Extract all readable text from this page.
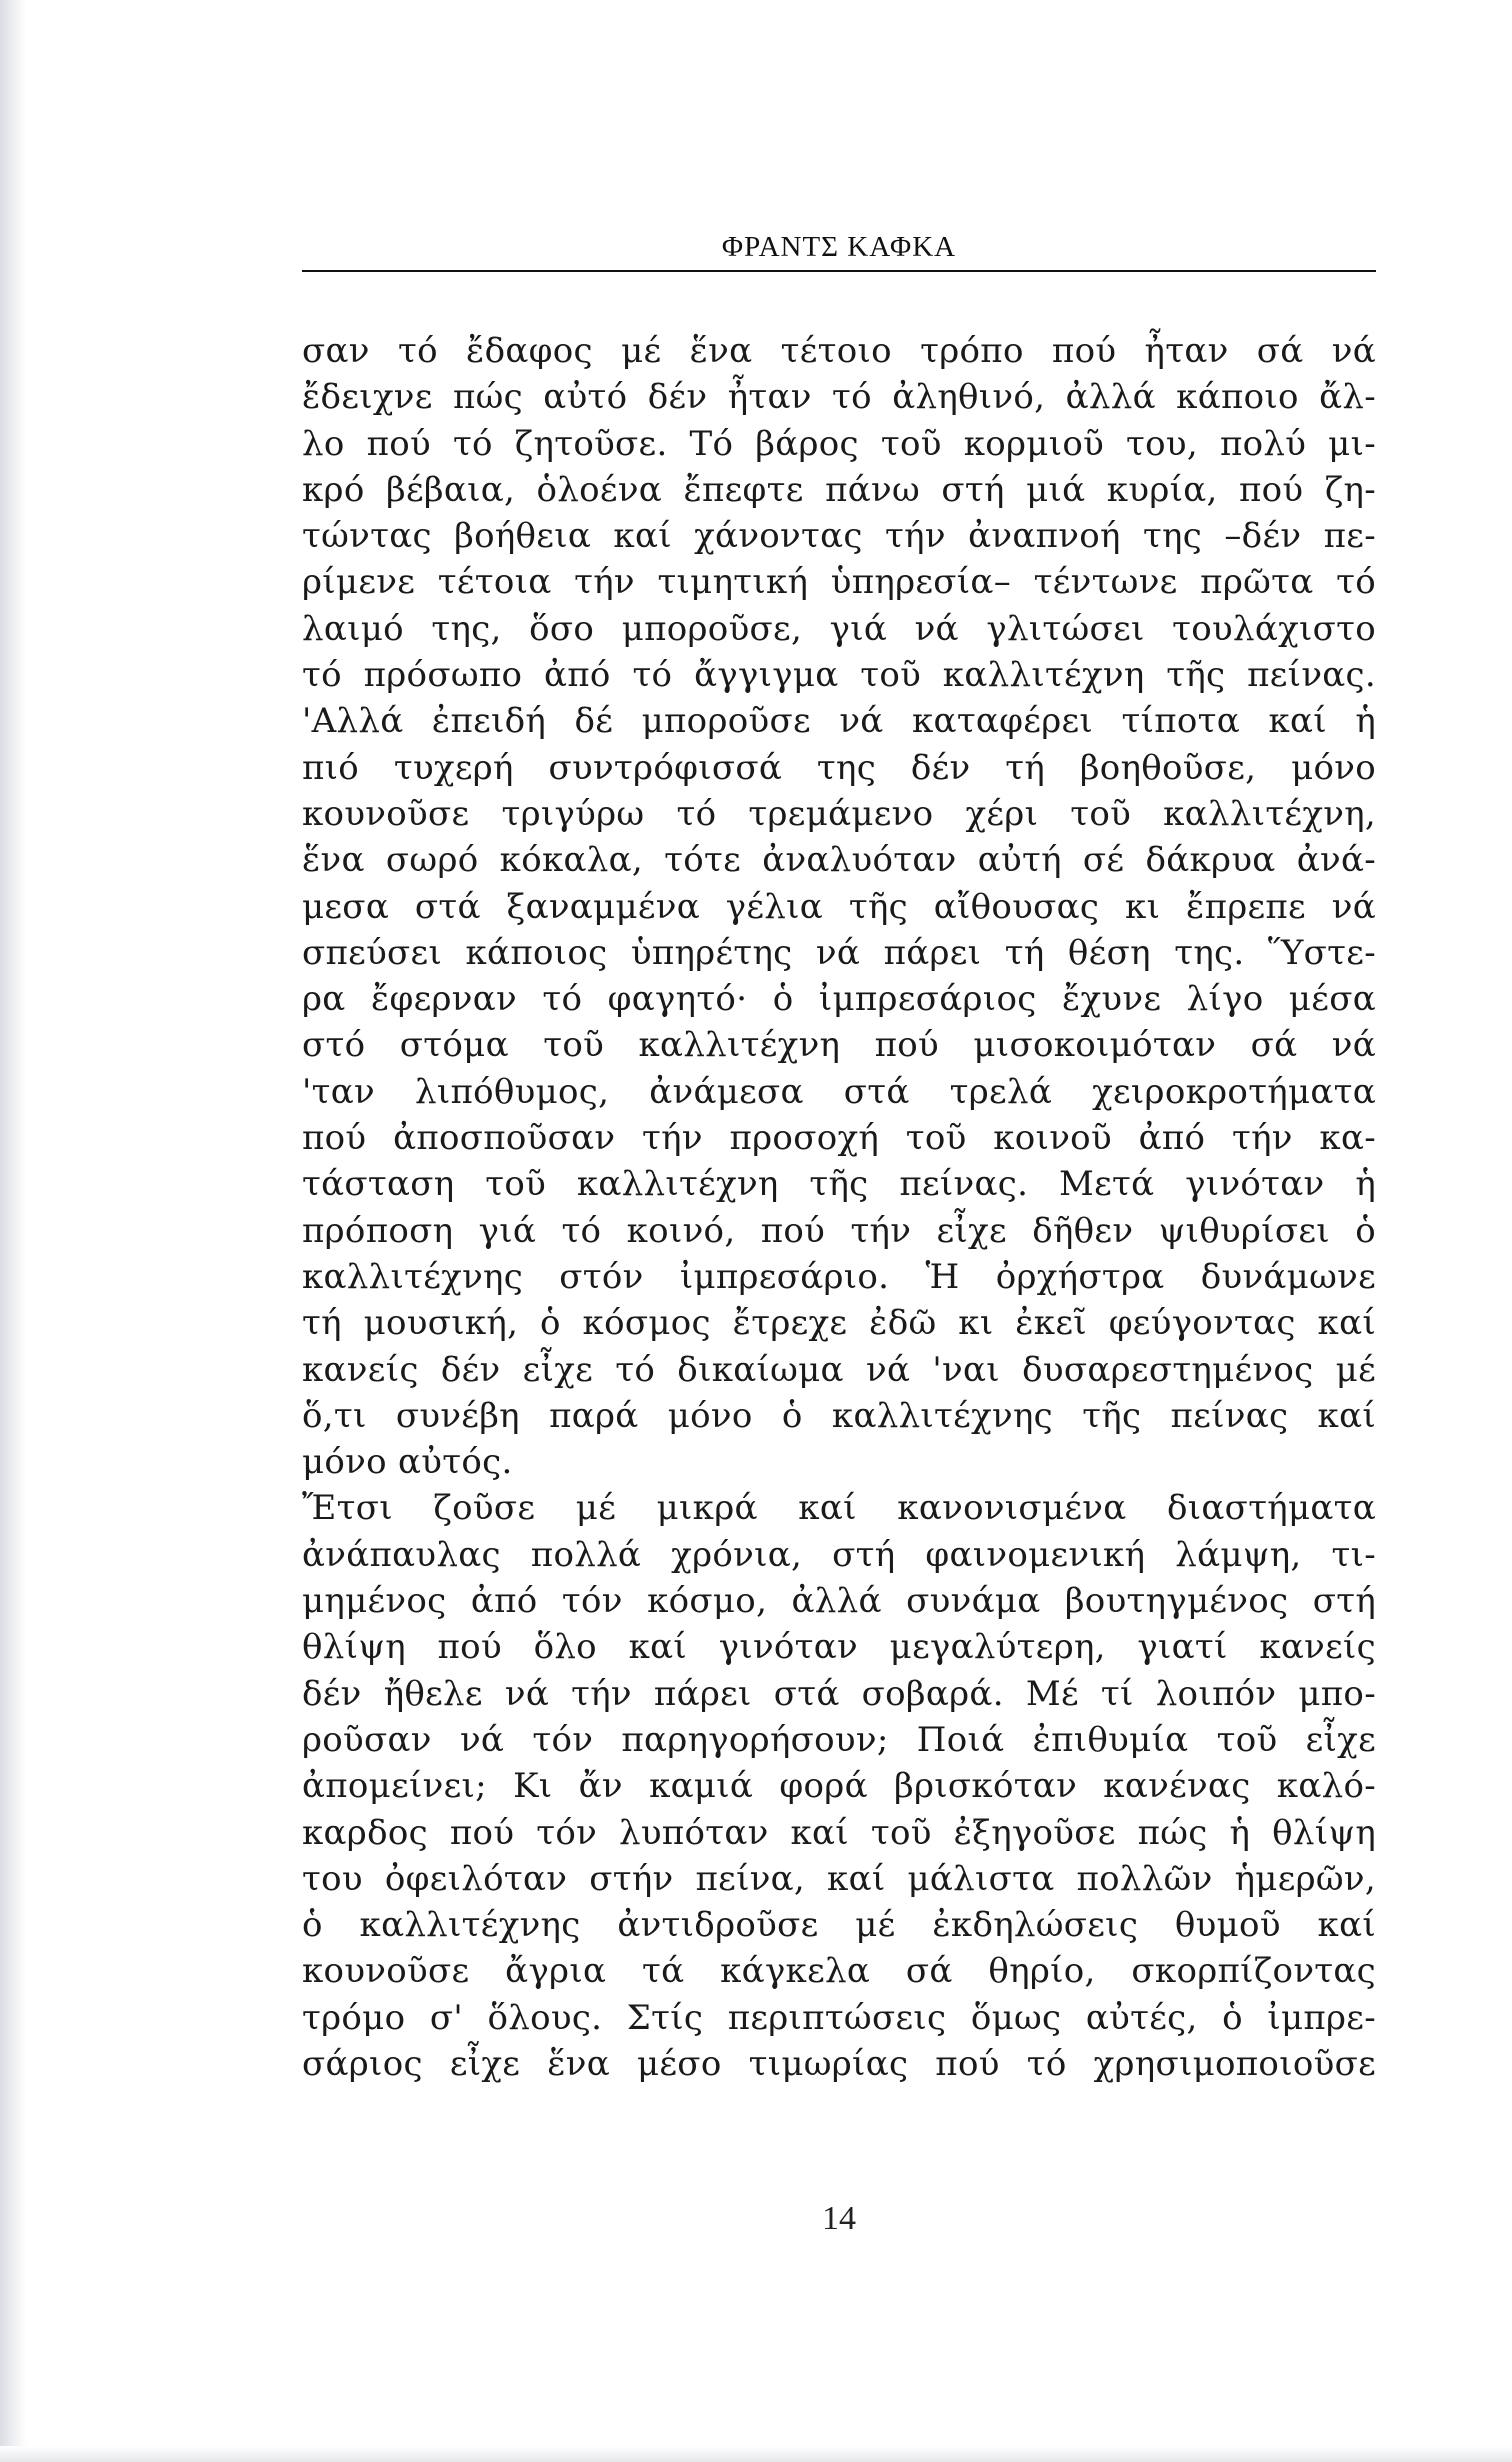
ΦΡΑΝΤΣ ΚΑΦΚΑ
σαν τό ἔδαφος μέ ἕνα τέτοιο τρόπο πού ἦταν σά νά
ἔδειχνε πώς αὐτό δέν ἦταν τό ἀληθινό, ἀλλά κάποιο ἄλ-
λο πού τό ζητοῦσε. Τό βάρος τοῦ κορμιοῦ του, πολύ μι-
κρό βέβαια, ὁλοένα ἔπεφτε πάνω στή μιά κυρία, πού ζη-
τώντας βοήθεια καί χάνοντας τήν ἀναπνοή της –δέν πε-
ρίμενε τέτοια τήν τιμητική ὑπηρεσία– τέντωνε πρῶτα τό
λαιμό της, ὅσο μποροῦσε, γιά νά γλιτώσει τουλάχιστο
τό πρόσωπο ἀπό τό ἄγγιγμα τοῦ καλλιτέχνη τῆς πείνας.
'Αλλά ἐπειδή δέ μποροῦσε νά καταφέρει τίποτα καί ἡ
πιό τυχερή συντρόφισσά της δέν τή βοηθοῦσε, μόνο
κουνοῦσε τριγύρω τό τρεμάμενο χέρι τοῦ καλλιτέχνη,
ἕνα σωρό κόκαλα, τότε ἀναλυόταν αὐτή σέ δάκρυα ἀνά-
μεσα στά ξαναμμένα γέλια τῆς αἴθουσας κι ἔπρεπε νά
σπεύσει κάποιος ὑπηρέτης νά πάρει τή θέση της. Ὕστε-
ρα ἔφερναν τό φαγητό· ὁ ἰμπρεσάριος ἔχυνε λίγο μέσα
στό στόμα τοῦ καλλιτέχνη πού μισοκοιμόταν σά νά
'ταν λιπόθυμος, ἀνάμεσα στά τρελά χειροκροτήματα
πού ἀποσποῦσαν τήν προσοχή τοῦ κοινοῦ ἀπό τήν κα-
τάσταση τοῦ καλλιτέχνη τῆς πείνας. Μετά γινόταν ἡ
πρόποση γιά τό κοινό, πού τήν εἶχε δῆθεν ψιθυρίσει ὁ
καλλιτέχνης στόν ἰμπρεσάριο. Ἡ ὀρχήστρα δυνάμωνε
τή μουσική, ὁ κόσμος ἔτρεχε ἐδῶ κι ἐκεῖ φεύγοντας καί
κανείς δέν εἶχε τό δικαίωμα νά 'ναι δυσαρεστημένος μέ
ὅ,τι συνέβη παρά μόνο ὁ καλλιτέχνης τῆς πείνας καί
μόνο αὐτός.
Ἔτσι ζοῦσε μέ μικρά καί κανονισμένα διαστήματα
ἀνάπαυλας πολλά χρόνια, στή φαινομενική λάμψη, τι-
μημένος ἀπό τόν κόσμο, ἀλλά συνάμα βουτηγμένος στή
θλίψη πού ὅλο καί γινόταν μεγαλύτερη, γιατί κανείς
δέν ἤθελε νά τήν πάρει στά σοβαρά. Μέ τί λοιπόν μπο-
ροῦσαν νά τόν παρηγορήσουν; Ποιά ἐπιθυμία τοῦ εἶχε
ἀπομείνει; Κι ἄν καμιά φορά βρισκόταν κανένας καλό-
καρδος πού τόν λυπόταν καί τοῦ ἐξηγοῦσε πώς ἡ θλίψη
του ὀφειλόταν στήν πείνα, καί μάλιστα πολλῶν ἡμερῶν,
ὁ καλλιτέχνης ἀντιδροῦσε μέ ἐκδηλώσεις θυμοῦ καί
κουνοῦσε ἄγρια τά κάγκελα σά θηρίο, σκορπίζοντας
τρόμο σ' ὅλους. Στίς περιπτώσεις ὅμως αὐτές, ὁ ἰμπρε-
σάριος εἶχε ἕνα μέσο τιμωρίας πού τό χρησιμοποιοῦσε
14
